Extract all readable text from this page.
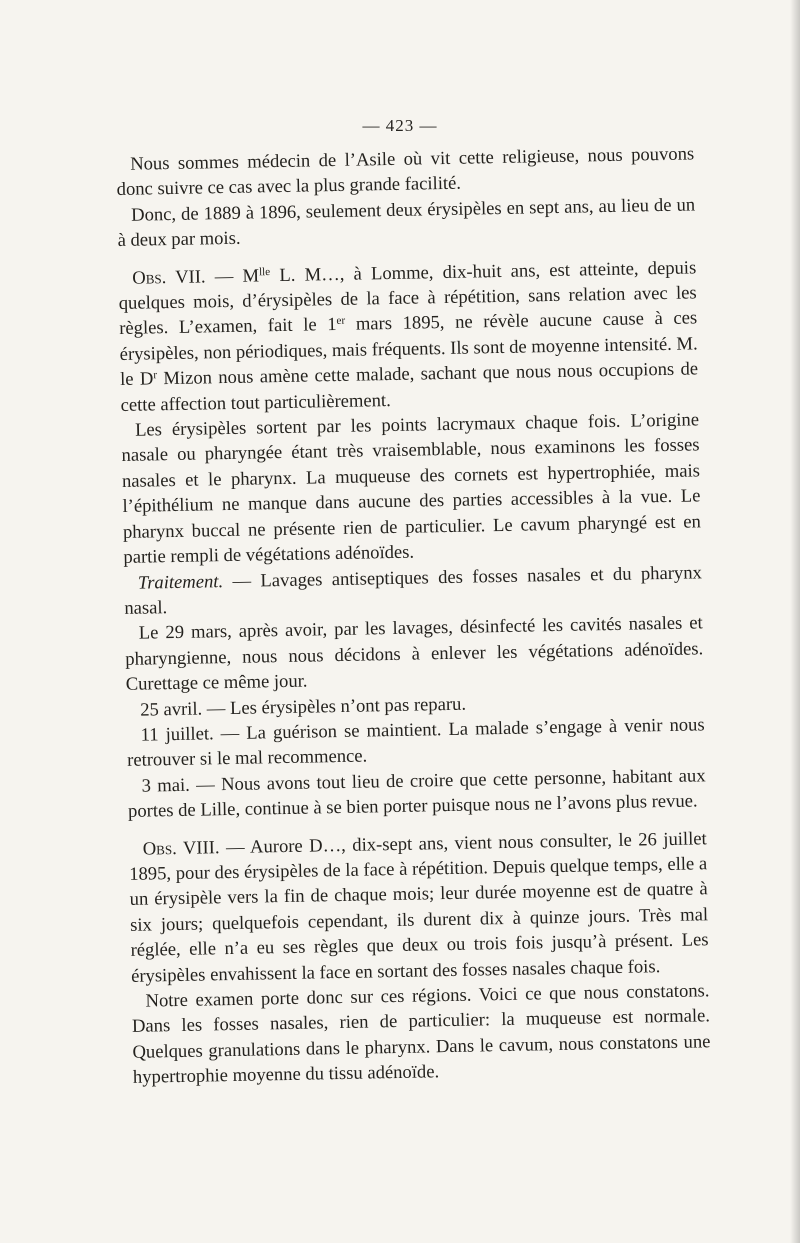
— 423 —

Nous sommes médecin de l’Asile où vit cette religieuse, nous pouvons donc suivre ce cas avec la plus grande facilité.

Donc, de 1889 à 1896, seulement deux érysipèles en sept ans, au lieu de un à deux par mois.

Obs. VII. — $M^{lle}$ L. M…, à Lomme, dix-huit ans, est atteinte, depuis quelques mois, d’érysipèles de la face à répétition, sans relation avec les règles. L’examen, fait le 1er mars 1895, ne révèle aucune cause à ces érysipèles, non périodiques, mais fréquents. Ils sont de moyenne intensité. M. le $D^r$ Mizon nous amène cette malade, sachant que nous nous occupions de cette affection tout particulièrement.

Les érysipèles sortent par les points lacrymaux chaque fois. L’origine nasale ou pharyngée étant très vraisemblable, nous examinons les fosses nasales et le pharynx. La muqueuse des cornets est hypertrophiée, mais l’épithélium ne manque dans aucune des parties accessibles à la vue. Le pharynx buccal ne présente rien de particulier. Le cavum pharyngé est en partie rempli de végétations adénoïdes.

Traitement. — Lavages antiseptiques des fosses nasales et du pharynx nasal.

Le 29 mars, après avoir, par les lavages, désinfecté les cavités nasales et pharyngienne, nous nous décidons à enlever les végétations adénoïdes. Curettage ce même jour.

25 avril. — Les érysipèles n’ont pas reparu.

11 juillet. — La guérison se maintient. La malade s’engage à venir nous retrouver si le mal recommence.

3 mai. — Nous avons tout lieu de croire que cette personne, habitant aux portes de Lille, continue à se bien porter puisque nous ne l’avons plus revue.

Obs. VIII. — Aurore D…, dix-sept ans, vient nous consulter, le 26 juillet 1895, pour des érysipèles de la face à répétition. Depuis quelque temps, elle a un érysipèle vers la fin de chaque mois; leur durée moyenne est de quatre à six jours; quelquefois cependant, ils durent dix à quinze jours. Très mal réglée, elle n’a eu ses règles que deux ou trois fois jusqu’à présent. Les érysipèles envahissent la face en sortant des fosses nasales chaque fois.

Notre examen porte donc sur ces régions. Voici ce que nous constatons. Dans les fosses nasales, rien de particulier: la muqueuse est normale. Quelques granulations dans le pharynx. Dans le cavum, nous constatons une hypertrophie moyenne du tissu adénoïde.
